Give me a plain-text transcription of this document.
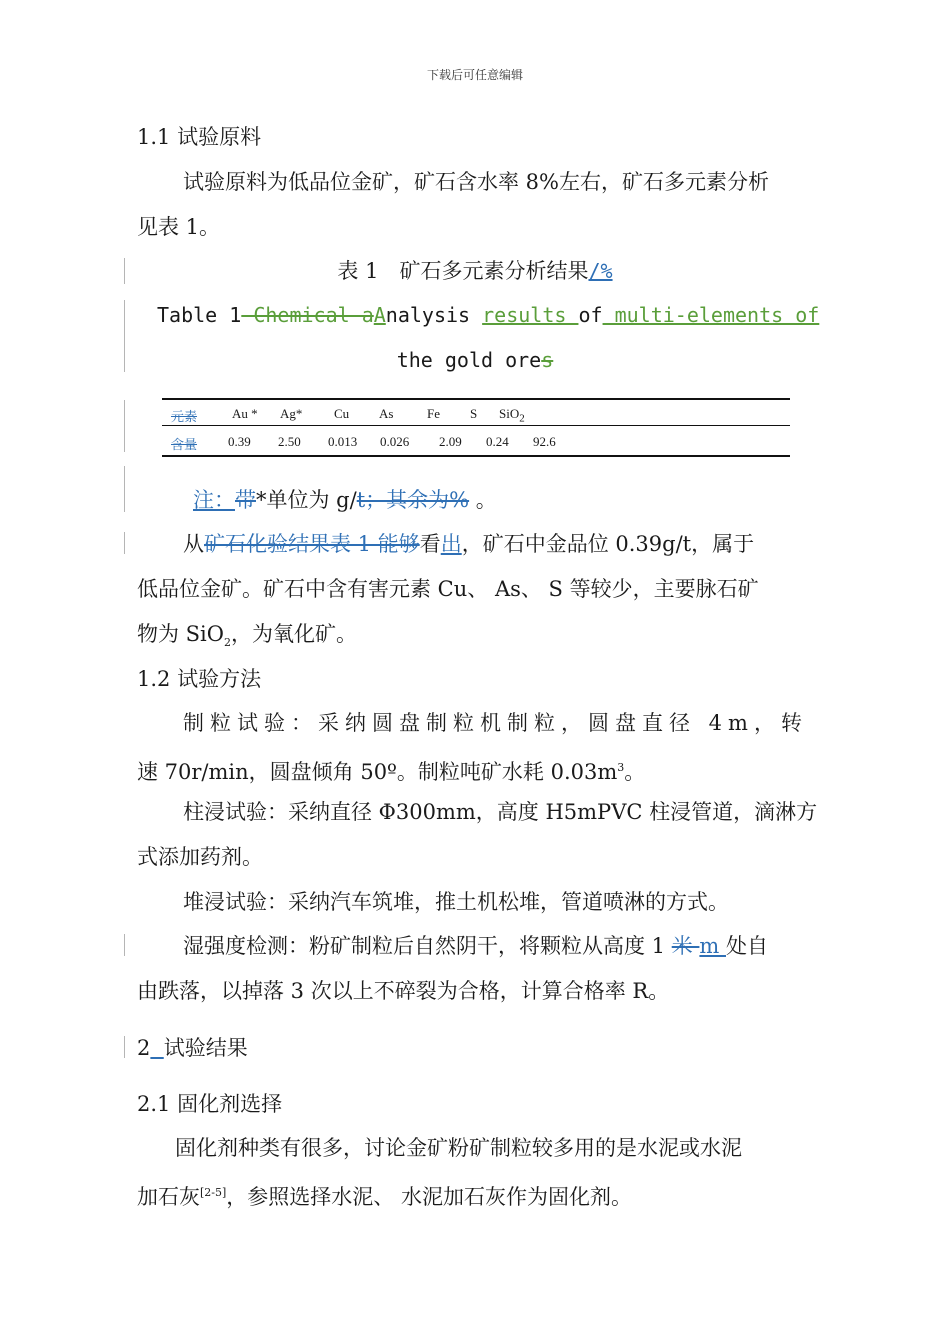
下载后可任意编辑
1.1 试验原料
试验原料为低品位金矿，矿石含水率 8%左右，矿石多元素分析
见表 1。
表 1　矿石多元素分析结果/%
Table 1 Chemical aAnalysis results of multi-elements of
the gold ores
元素	Au * Ag* Cu As	Fe S SiO$_2$
含量 0.39 2.50 0.013 0.026 2.09 0.24 92.6
注：带*单位为 g/t；其余为% 。
从矿石化验结果表 1 能够看出，矿石中金品位 0.39g/t，属于
低品位金矿。矿石中含有害元素 Cu、 As、 S 等较少，主要脉石矿
物为 SiO$_2$，为氧化矿。
1.2 试验方法
制粒试验：采纳圆盘制粒机制粒，圆盘直径 4m，转
速 70r/min，圆盘倾角 50º。制粒吨矿水耗 $0.03m^3$。
柱浸试验：采纳直径 Φ300mm，高度 H5mPVC 柱浸管道，滴淋方
式添加药剂。
堆浸试验：采纳汽车筑堆，推土机松堆，管道喷淋的方式。
湿强度检测：粉矿制粒后自然阴干，将颗粒从高度 1 米 m 处自
由跌落，以掉落 3 次以上不碎裂为合格，计算合格率 R。
2 试验结果
2.1 固化剂选择
固化剂种类有很多，讨论金矿粉矿制粒较多用的是水泥或水泥
加石灰[2-5]，参照选择水泥、 水泥加石灰作为固化剂。
